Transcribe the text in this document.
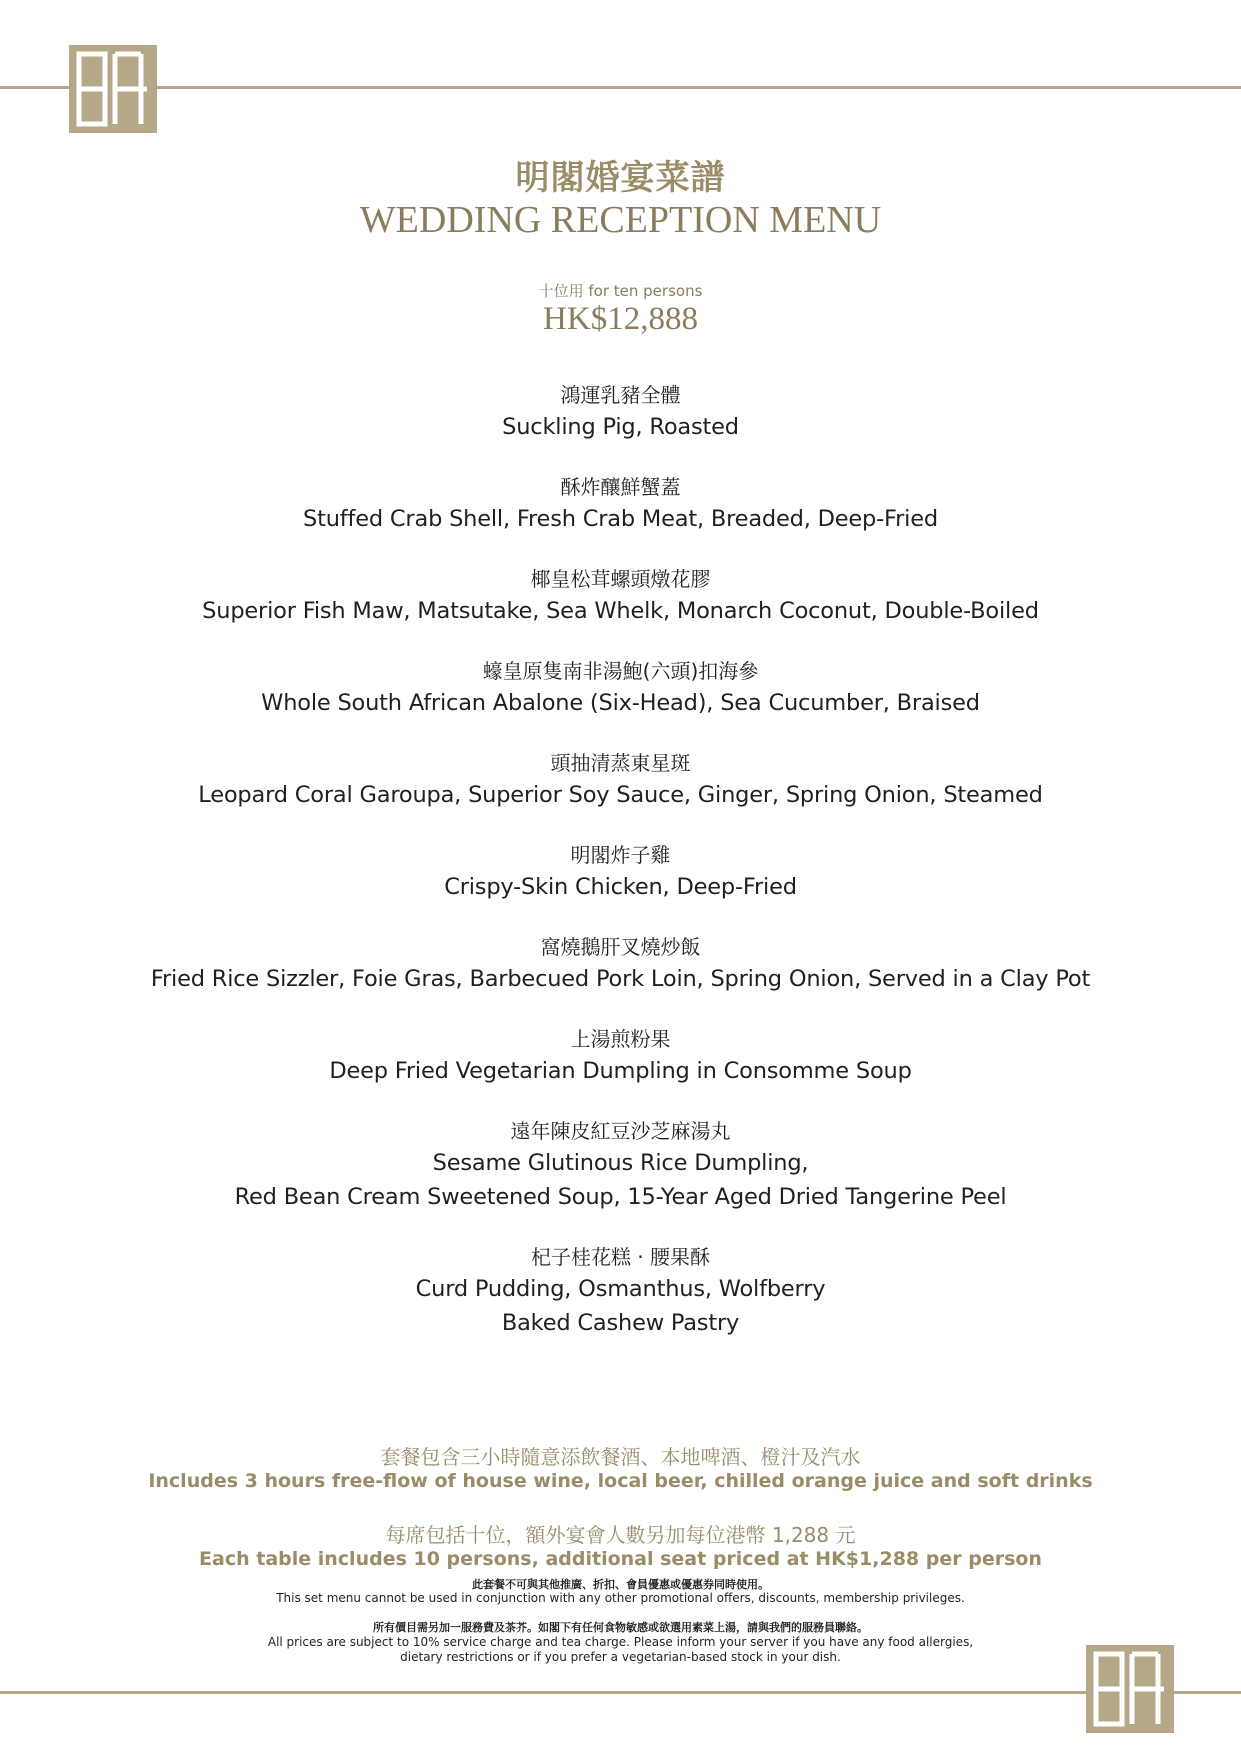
明閣婚宴菜譜
WEDDING RECEPTION MENU
十位用 for ten persons
HK$12,888
鴻運乳豬全體
Suckling Pig, Roasted
酥炸釀鮮蟹蓋
Stuffed Crab Shell, Fresh Crab Meat, Breaded, Deep-Fried
椰皇松茸螺頭燉花膠
Superior Fish Maw, Matsutake, Sea Whelk, Monarch Coconut, Double-Boiled
蠔皇原隻南非湯鮑(六頭)扣海參
Whole South African Abalone (Six-Head), Sea Cucumber, Braised
頭抽清蒸東星斑
Leopard Coral Garoupa, Superior Soy Sauce, Ginger, Spring Onion, Steamed
明閣炸子雞
Crispy-Skin Chicken, Deep-Fried
窩燒鵝肝叉燒炒飯
Fried Rice Sizzler, Foie Gras, Barbecued Pork Loin, Spring Onion, Served in a Clay Pot
上湯煎粉果
Deep Fried Vegetarian Dumpling in Consomme Soup
遠年陳皮紅豆沙芝麻湯丸
Sesame Glutinous Rice Dumpling,
Red Bean Cream Sweetened Soup, 15-Year Aged Dried Tangerine Peel
杞子桂花糕 · 腰果酥
Curd Pudding, Osmanthus, Wolfberry
Baked Cashew Pastry
套餐包含三小時隨意添飲餐酒、本地啤酒、橙汁及汽水
Includes 3 hours free-flow of house wine, local beer, chilled orange juice and soft drinks
每席包括十位，額外宴會人數另加每位港幣 1,288 元
Each table includes 10 persons, additional seat priced at HK$1,288 per person
此套餐不可與其他推廣、折扣、會員優惠或優惠券同時使用。
This set menu cannot be used in conjunction with any other promotional offers, discounts, membership privileges.
所有價目需另加一服務費及茶芥。如閣下有任何食物敏感或欲選用素菜上湯，請與我們的服務員聯絡。
All prices are subject to 10% service charge and tea charge. Please inform your server if you have any food allergies,
dietary restrictions or if you prefer a vegetarian-based stock in your dish.
